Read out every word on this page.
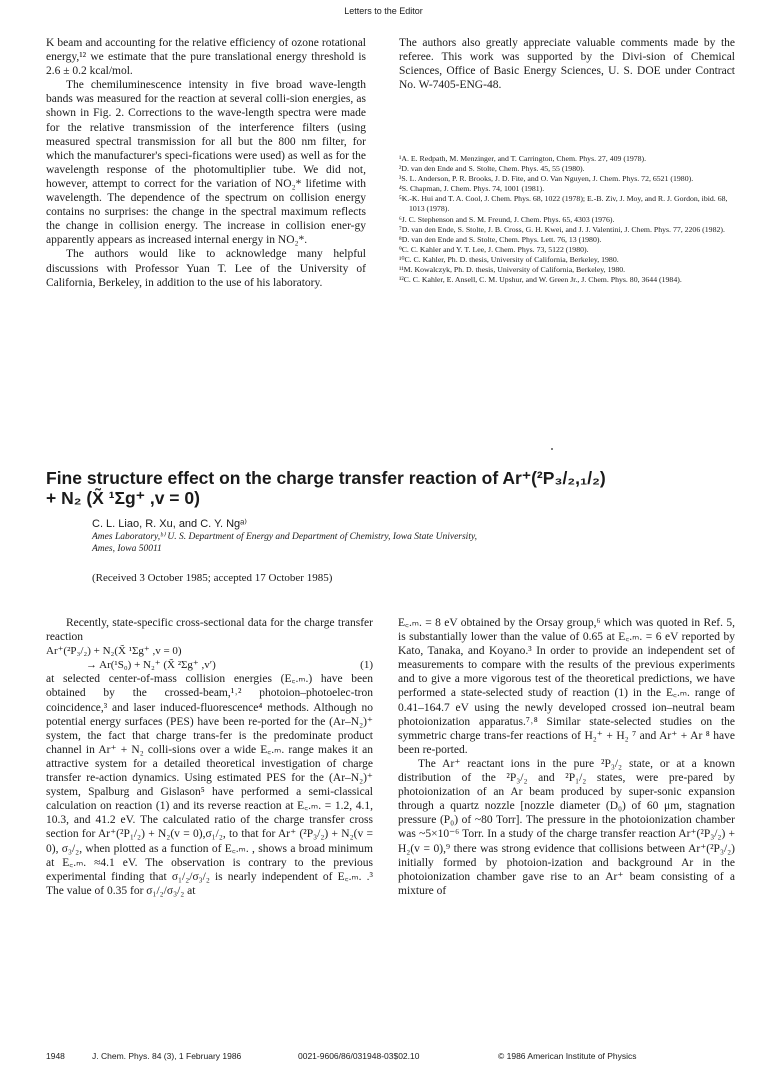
Letters to the Editor

K beam and accounting for the relative efficiency of ozone rotational energy,¹² we estimate that the pure translational energy threshold is 2.6 ± 0.2 kcal/mol.

The chemiluminescence intensity in five broad wave-length bands was measured for the reaction at several colli-sion energies, as shown in Fig. 2. Corrections to the wave-length spectra were made for the relative transmission of the interference filters (using measured spectral transmission for all but the 800 nm filter, for which the manufacturer's speci-fications were used) as well as for the wavelength response of the photomultiplier tube. We did not, however, attempt to correct for the variation of NO₂* lifetime with wavelength. The dependence of the spectrum on collision energy contains no surprises: the change in the spectral maximum reflects the change in collision energy. The increase in collision ener-gy apparently appears as increased internal energy in NO₂*.

The authors would like to acknowledge many helpful discussions with Professor Yuan T. Lee of the University of California, Berkeley, in addition to the use of his laboratory.

The authors also greatly appreciate valuable comments made by the referee. This work was supported by the Divi-sion of Chemical Sciences, Office of Basic Energy Sciences, U. S. DOE under Contract No. W-7405-ENG-48.

¹A. E. Redpath, M. Menzinger, and T. Carrington, Chem. Phys. 27, 409 (1978).
²D. van den Ende and S. Stolte, Chem. Phys. 45, 55 (1980).
³S. L. Anderson, P. R. Brooks, J. D. Fite, and O. Van Nguyen, J. Chem. Phys. 72, 6521 (1980).
⁴S. Chapman, J. Chem. Phys. 74, 1001 (1981).
⁵K.-K. Hui and T. A. Cool, J. Chem. Phys. 68, 1022 (1978); E.-B. Ziv, J. Moy, and R. J. Gordon, ibid. 68, 1013 (1978).
⁶J. C. Stephenson and S. M. Freund, J. Chem. Phys. 65, 4303 (1976).
⁷D. van den Ende, S. Stolte, J. B. Cross, G. H. Kwei, and J. J. Valentini, J. Chem. Phys. 77, 2206 (1982).
⁸D. van den Ende and S. Stolte, Chem. Phys. Lett. 76, 13 (1980).
⁹C. C. Kahler and Y. T. Lee, J. Chem. Phys. 73, 5122 (1980).
¹⁰C. C. Kahler, Ph. D. thesis, University of California, Berkeley, 1980.
¹¹M. Kowalczyk, Ph. D. thesis, University of California, Berkeley, 1980.
¹²C. C. Kahler, E. Ansell, C. M. Upshur, and W. Green Jr., J. Chem. Phys. 80, 3644 (1984).
Fine structure effect on the charge transfer reaction of Ar⁺(²P₃/₂,₁/₂)
+ N₂ (X̃ ¹Σg⁺ ,v = 0)
C. L. Liao, R. Xu, and C. Y. Ngᵃ⁾
Ames Laboratory,ᵇ⁾ U. S. Department of Energy and Department of Chemistry, Iowa State University,
Ames, Iowa 50011
(Received 3 October 1985; accepted 17 October 1985)

Recently, state-specific cross-sectional data for the charge transfer reaction

Ar⁺(²P₃/₂) + N₂(X̃ ¹Σg⁺ ,v = 0)
→ Ar(¹S₀) + N₂⁺ (X̃ ²Σg⁺ ,v′)	(1)

at selected center-of-mass collision energies (E꜀.ₘ.) have been obtained by the crossed-beam,¹˒² photoion–photoelec-tron coincidence,³ and laser induced-fluorescence⁴ methods. Although no potential energy surfaces (PES) have been re-ported for the (Ar–N₂)⁺ system, the fact that charge trans-fer is the predominate product channel in Ar⁺ + N₂ colli-sions over a wide E꜀.ₘ. range makes it an attractive system for a detailed theoretical investigation of charge transfer re-action dynamics. Using estimated PES for the (Ar–N₂)⁺ system, Spalburg and Gislason⁵ have performed a semi-classical calculation on reaction (1) and its reverse reaction at E꜀.ₘ. = 1.2, 4.1, 10.3, and 41.2 eV. The calculated ratio of the charge transfer cross section for Ar⁺(²P₁/₂) + N₂(v = 0),σ₁/₂, to that for Ar⁺ (²P₃/₂) + N₂(v = 0), σ₃/₂, when plotted as a function of E꜀.ₘ. , shows a broad minimum at E꜀.ₘ. ≈4.1 eV. The observation is contrary to the previous experimental finding that σ₁/₂/σ₃/₂ is nearly independent of E꜀.ₘ. .³ The value of 0.35 for σ₁/₂/σ₃/₂ at

E꜀.ₘ. = 8 eV obtained by the Orsay group,⁶ which was quoted in Ref. 5, is substantially lower than the value of 0.65 at E꜀.ₘ. = 6 eV reported by Kato, Tanaka, and Koyano.³ In order to provide an independent set of measurements to compare with the results of the previous experiments and to give a more vigorous test of the theoretical predictions, we have performed a state-selected study of reaction (1) in the E꜀.ₘ. range of 0.41–164.7 eV using the newly developed crossed ion–neutral beam photoionization apparatus.⁷˒⁸ Similar state-selected studies on the symmetric charge trans-fer reactions of H₂⁺ + H₂ ⁷ and Ar⁺ + Ar ⁸ have been re-ported.

The Ar⁺ reactant ions in the pure ²P₃/₂ state, or at a known distribution of the ²P₃/₂ and ²P₁/₂ states, were pre-pared by photoionization of an Ar beam produced by super-sonic expansion through a quartz nozzle [nozzle diameter (D₀) of 60 μm, stagnation pressure (P₀) of ~80 Torr]. The pressure in the photoionization chamber was ~5×10⁻⁶ Torr. In a study of the charge transfer reaction Ar⁺(²P₃/₂) + H₂(v = 0),⁹ there was strong evidence that collisions between Ar⁺(²P₃/₂) initially formed by photoion-ization and background Ar in the photoionization chamber gave rise to an Ar⁺ beam consisting of a mixture of

1948	J. Chem. Phys. 84 (3), 1 February 1986	0021-9606/86/031948-03$02.10	© 1986 American Institute of Physics
